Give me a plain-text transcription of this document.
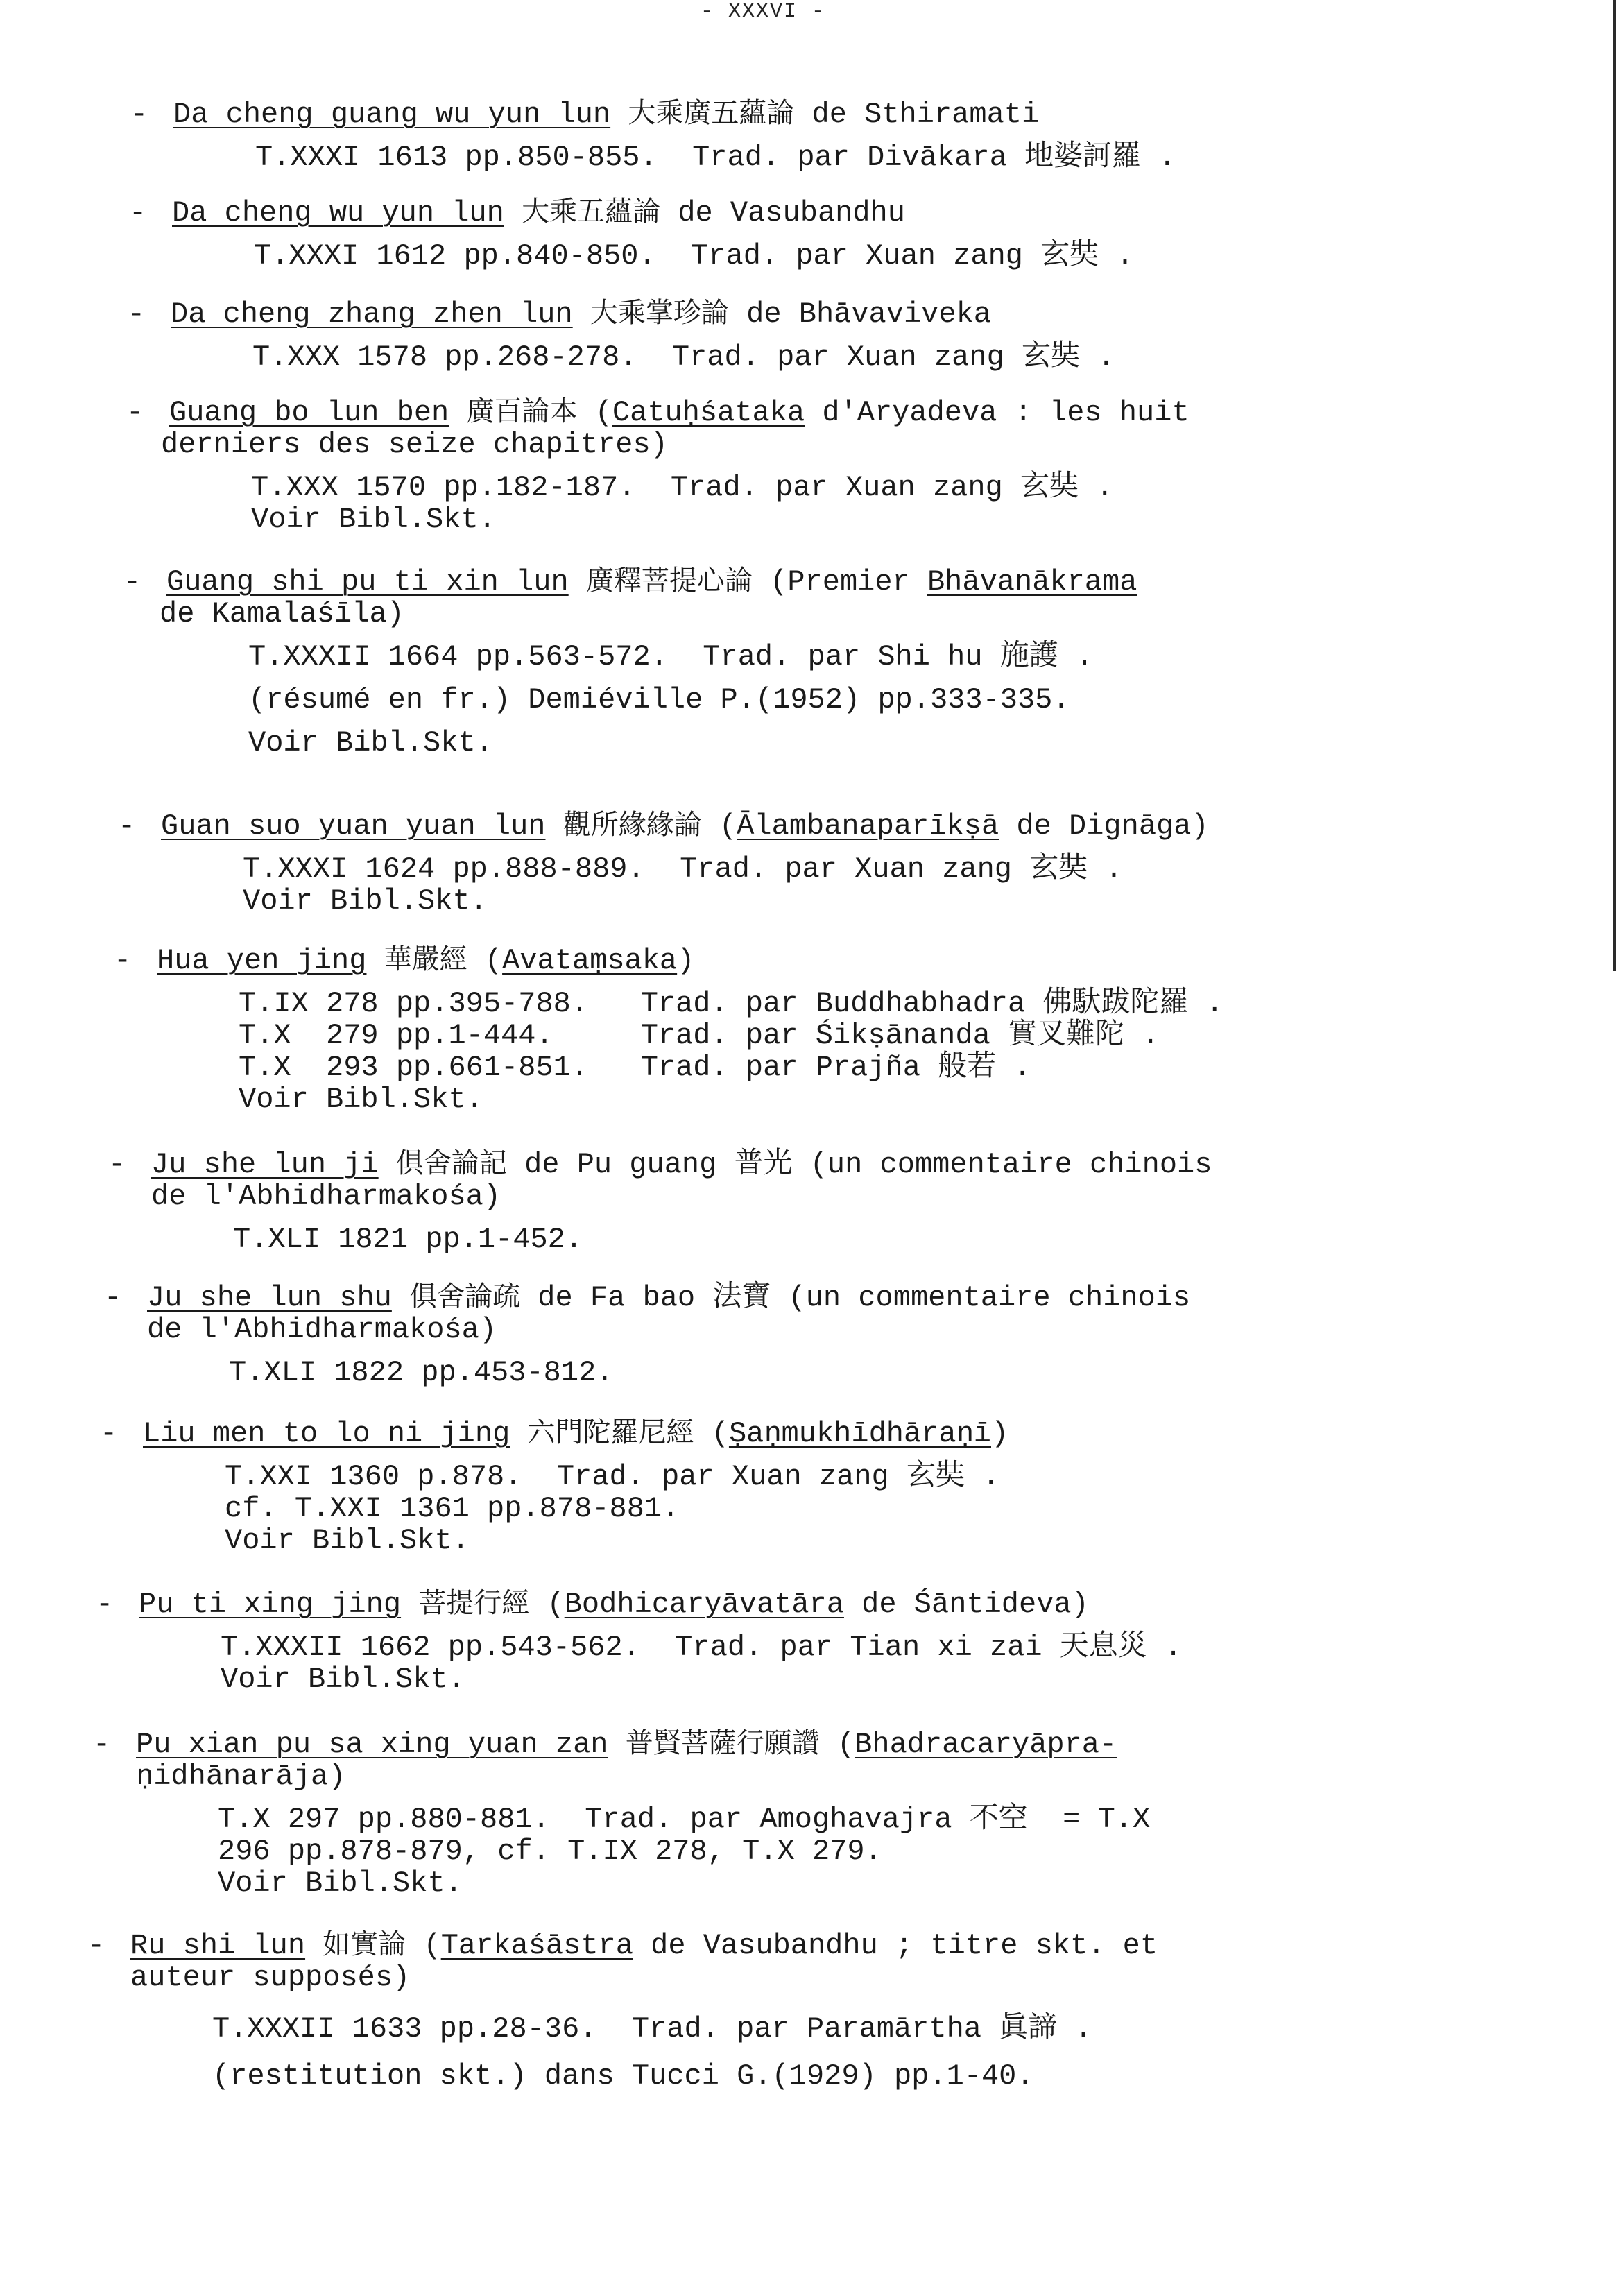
- XXXVI -
- Da cheng guang wu yun lun 大乘廣五蘊論 de Sthiramati
T.XXXI 1613 pp.850-855.  Trad. par Divākara 地婆訶羅 .
- Da cheng wu yun lun 大乘五蘊論 de Vasubandhu
T.XXXI 1612 pp.840-850.  Trad. par Xuan zang 玄奘 .
- Da cheng zhang zhen lun 大乘掌珍論 de Bhāvaviveka
T.XXX 1578 pp.268-278.  Trad. par Xuan zang 玄奘 .
- Guang bo lun ben 廣百論本 (Catuḥśataka d'Aryadeva : les huit
derniers des seize chapitres)
T.XXX 1570 pp.182-187.  Trad. par Xuan zang 玄奘 .
Voir Bibl.Skt.
- Guang shi pu ti xin lun 廣釋菩提心論 (Premier Bhāvanākrama
de Kamalaśīla)
T.XXXII 1664 pp.563-572.  Trad. par Shi hu 施護 .
(résumé en fr.) Demiéville P.(1952) pp.333-335.
Voir Bibl.Skt.
- Guan suo yuan yuan lun 觀所緣緣論 (Ālambanaparīkṣā de Dignāga)
T.XXXI 1624 pp.888-889.  Trad. par Xuan zang 玄奘 .
Voir Bibl.Skt.
- Hua yen jing 華嚴經 (Avataṃsaka)
T.IX 278 pp.395-788.   Trad. par Buddhabhadra 佛馱跋陀羅 .
T.X  279 pp.1-444.     Trad. par Śikṣānanda 實叉難陀 .
T.X  293 pp.661-851.   Trad. par Prajña 般若 .
Voir Bibl.Skt.
- Ju she lun ji 俱舍論記 de Pu guang 普光 (un commentaire chinois
de l'Abhidharmakośa)
T.XLI 1821 pp.1-452.
- Ju she lun shu 俱舍論疏 de Fa bao 法寶 (un commentaire chinois
de l'Abhidharmakośa)
T.XLI 1822 pp.453-812.
- Liu men to lo ni jing 六門陀羅尼經 (Ṣaṇmukhīdhāraṇī)
T.XXI 1360 p.878.  Trad. par Xuan zang 玄奘 .
cf. T.XXI 1361 pp.878-881.
Voir Bibl.Skt.
- Pu ti xing jing 菩提行經 (Bodhicaryāvatāra de Śāntideva)
T.XXXII 1662 pp.543-562.  Trad. par Tian xi zai 天息災 .
Voir Bibl.Skt.
- Pu xian pu sa xing yuan zan 普賢菩薩行願讚 (Bhadracaryāpra-
ṇidhānarāja)
T.X 297 pp.880-881.  Trad. par Amoghavajra 不空  = T.X
296 pp.878-879, cf. T.IX 278, T.X 279.
Voir Bibl.Skt.
- Ru shi lun 如實論 (Tarkaśāstra de Vasubandhu ; titre skt. et
auteur supposés)
T.XXXII 1633 pp.28-36.  Trad. par Paramārtha 眞諦 .
(restitution skt.) dans Tucci G.(1929) pp.1-40.
